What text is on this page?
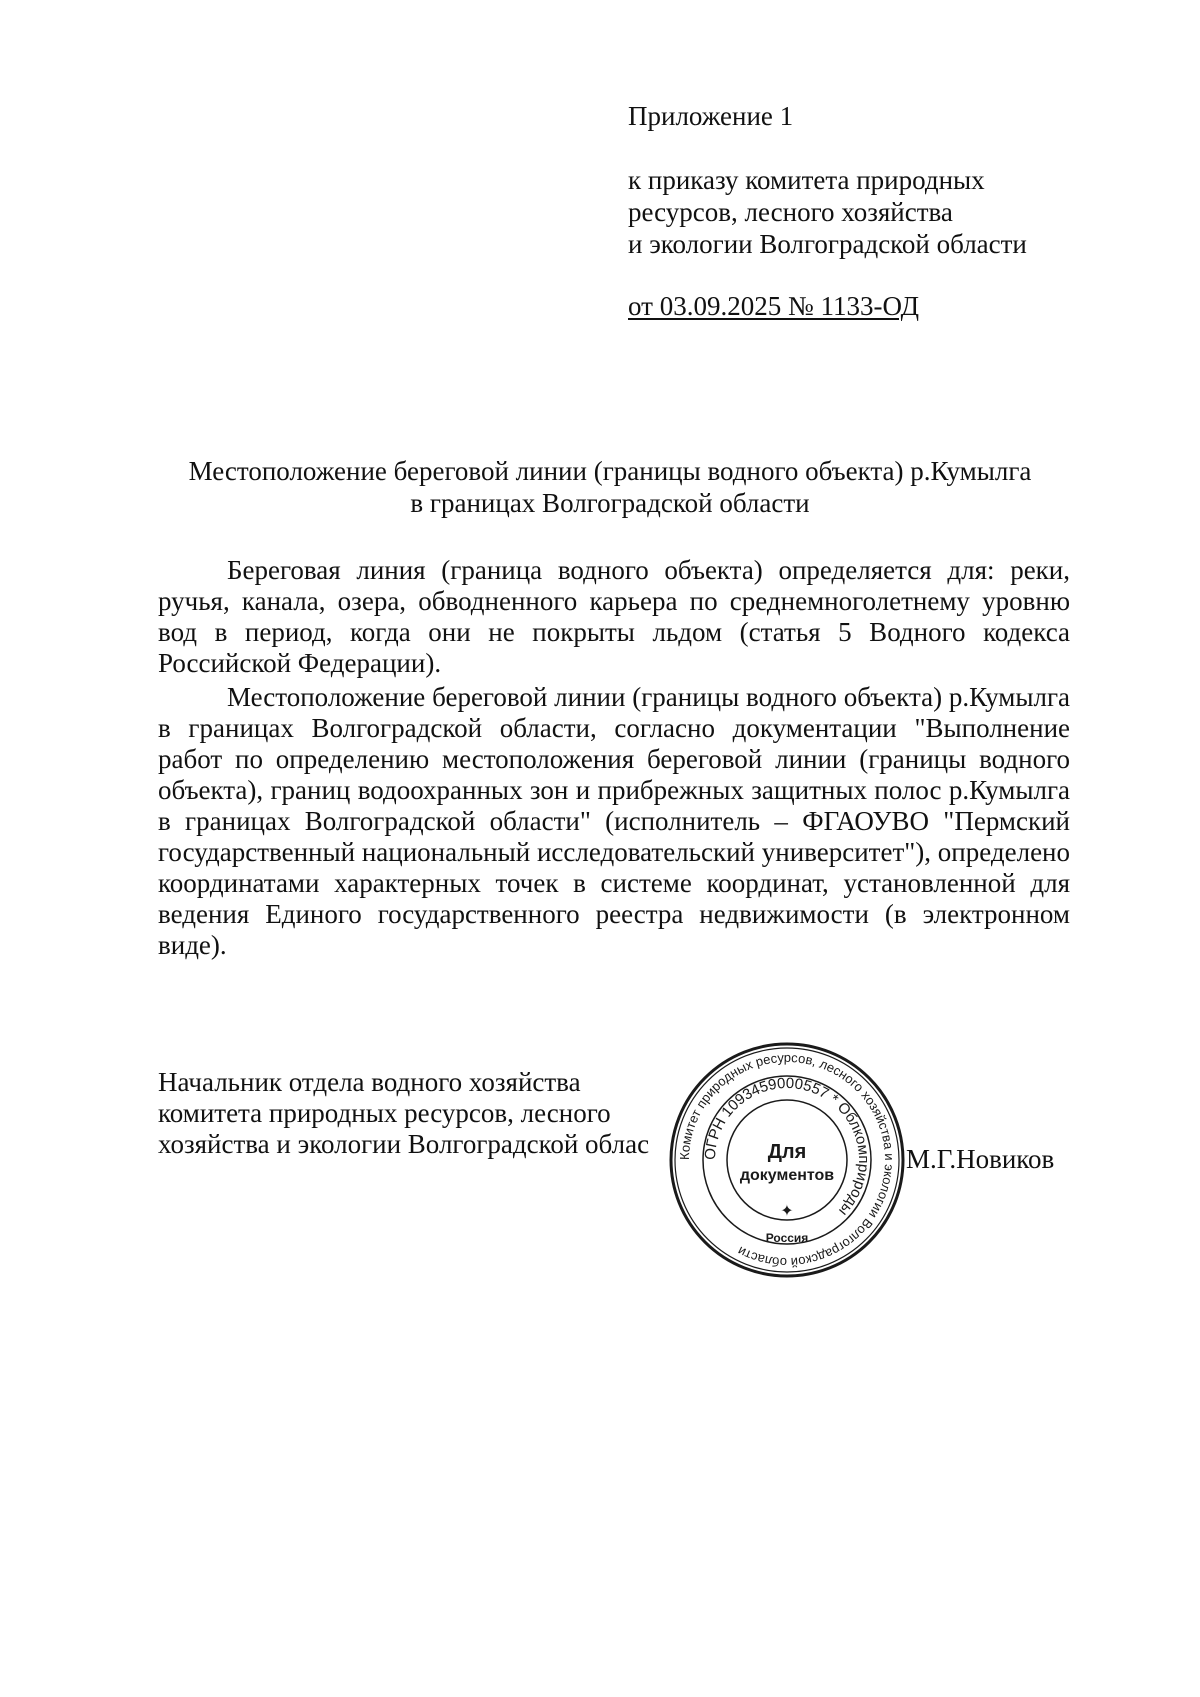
Приложение 1

к приказу комитета природных

ресурсов, лесного хозяйства

и экологии Волгоградской области

от 03.09.2025 № 1133-ОД

Местоположение береговой линии (границы водного объекта) р.Кумылга
в границах Волгоградской области

Береговая линия (граница водного объекта) определяется для: реки, ручья, канала, озера, обводненного карьера по среднемноголетнему уровню вод в период, когда они не покрыты льдом (статья 5 Водного кодекса Российской Федерации).

Местоположение береговой линии (границы водного объекта) р.Кумылга в границах Волгоградской области, согласно документации "Выполнение работ по определению местоположения береговой линии (границы водного объекта), границ водоохранных зон и прибрежных защитных полос р.Кумылга в границах Волгоградской области" (исполнитель – ФГАОУВО "Пермский государственный национальный исследовательский университет"), определено координатами характерных точек в системе координат, установленной для ведения Единого государственного реестра недвижимости (в электронном виде).

Начальник отдела водного хозяйства
комитета природных ресурсов, лесного
хозяйства и экологии Волгоградской облас	М.Г.Новиков
Комитет природных ресурсов, лесного хозяйства и экологии Волгоградской области
ОГРН 1093459000557 * Облкомприроды
Для
документов
Россия
✦
